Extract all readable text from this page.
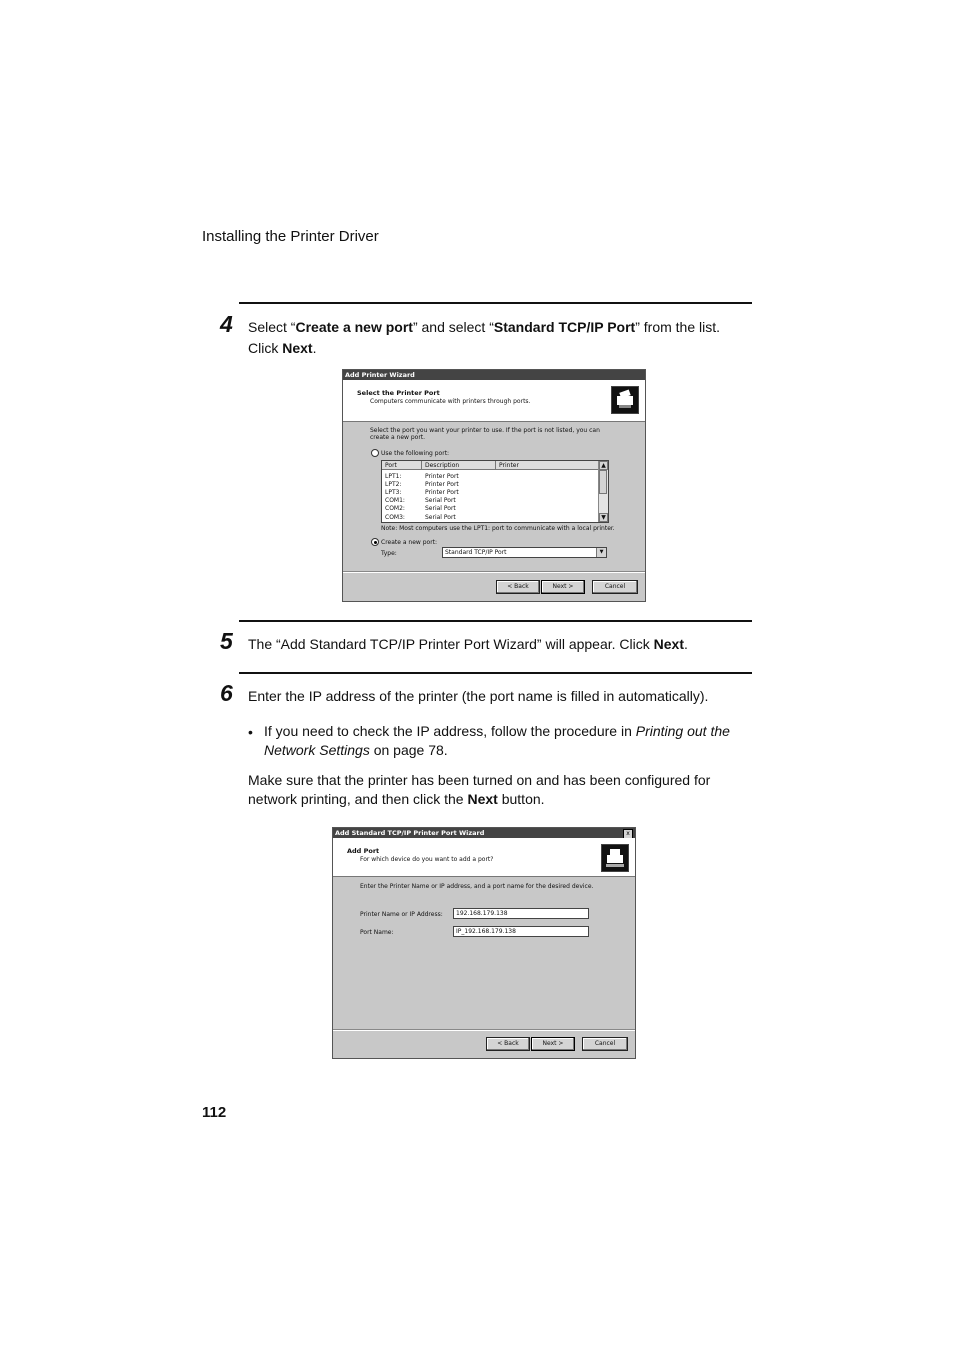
Installing the Printer Driver
4 Select “Create a new port” and select “Standard TCP/IP Port” from the list.
Click Next.
Add Printer Wizard
Select the Printer Port
Computers communicate with printers through ports.
Select the port you want your printer to use. If the port is not listed, you can create a new port.
Use the following port:
Port	Description	Printer
LPT1:	Printer Port
LPT2:	Printer Port
LPT3:	Printer Port
COM1:	Serial Port
COM2:	Serial Port
COM3:	Serial Port
▲
▼
Note: Most computers use the LPT1: port to communicate with a local printer.
Create a new port:
Type:	Standard TCP/IP Port	▼
< Back	Next >	Cancel
5 The “Add Standard TCP/IP Printer Port Wizard” will appear. Click Next.
6 Enter the IP address of the printer (the port name is filled in automatically).
• If you need to check the IP address, follow the procedure in Printing out the Network Settings on page 78.
Make sure that the printer has been turned on and has been configured for network printing, and then click the Next button.
Add Standard TCP/IP Printer Port Wizard	x
Add Port
For which device do you want to add a port?
Enter the Printer Name or IP address, and a port name for the desired device.
Printer Name or IP Address:	192.168.179.138
Port Name:	IP_192.168.179.138
< Back	Next >	Cancel
112
